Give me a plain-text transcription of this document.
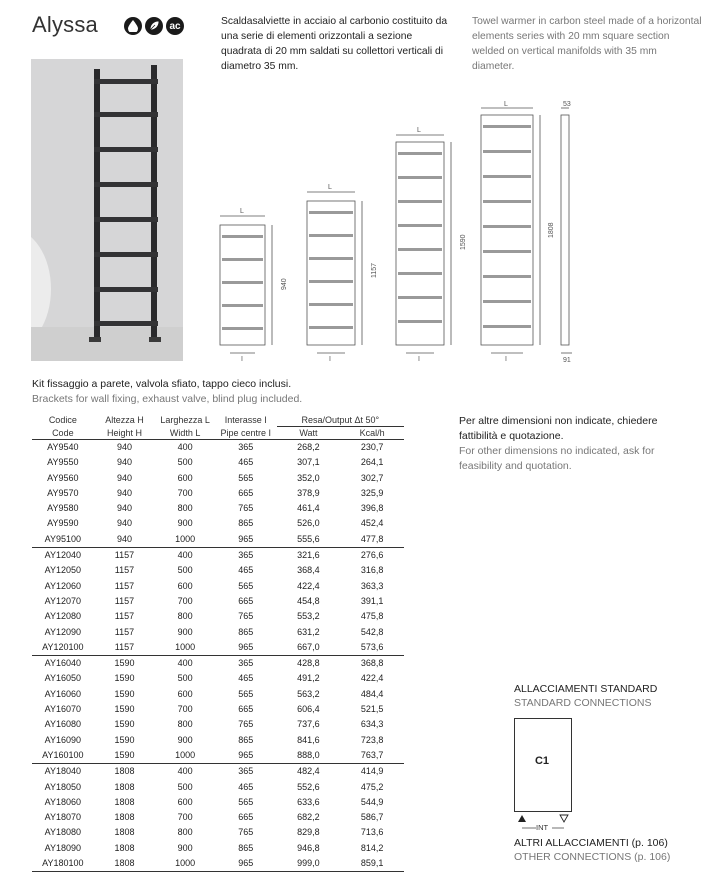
Alyssa	ac	Scaldasalviette in acciaio al carbonio costituito da una serie di elementi orizzontali a sezione quadrata di 20 mm saldati su collettori verticali di diametro 35 mm.
Towel warmer in carbon steel made of a horizontal elements series with 20 mm square section welded on vertical manifolds with 35 mm diameter.
L
L
L
L
I	I	I	I
940
1157
1590
1808
53
91
Kit fissaggio a parete, valvola sfiato, tappo cieco inclusi.
Brackets for wall fixing, exhaust valve, blind plug included.
Codice	Altezza H	Larghezza L	Interasse I	Resa/Output Δt 50°	
Code	Height H	Width L	Pipe centre I	Watt	Kcal/h
AY9540	940	400	365	268,2	230,7
AY9550	940	500	465	307,1	264,1
AY9560	940	600	565	352,0	302,7
AY9570	940	700	665	378,9	325,9
AY9580	940	800	765	461,4	396,8
AY9590	940	900	865	526,0	452,4
AY95100	940	1000	965	555,6	477,8
AY12040	1157	400	365	321,6	276,6
AY12050	1157	500	465	368,4	316,8
AY12060	1157	600	565	422,4	363,3
AY12070	1157	700	665	454,8	391,1
AY12080	1157	800	765	553,2	475,8
AY12090	1157	900	865	631,2	542,8
AY120100	1157	1000	965	667,0	573,6
AY16040	1590	400	365	428,8	368,8
AY16050	1590	500	465	491,2	422,4
AY16060	1590	600	565	563,2	484,4
AY16070	1590	700	665	606,4	521,5
AY16080	1590	800	765	737,6	634,3
AY16090	1590	900	865	841,6	723,8
AY160100	1590	1000	965	888,0	763,7
AY18040	1808	400	365	482,4	414,9
AY18050	1808	500	465	552,6	475,2
AY18060	1808	600	565	633,6	544,9
AY18070	1808	700	665	682,2	586,7
AY18080	1808	800	765	829,8	713,6
AY18090	1808	900	865	946,8	814,2
AY180100	1808	1000	965	999,0	859,1
Per altre dimensioni non indicate, chiedere fattibilità e quotazione.
For other dimensions no indicated, ask for feasibility and quotation.
ALLACCIAMENTI STANDARD
STANDARD CONNECTIONS
C1
INT
ALTRI ALLACCIAMENTI (p. 106)
OTHER CONNECTIONS (p. 106)
